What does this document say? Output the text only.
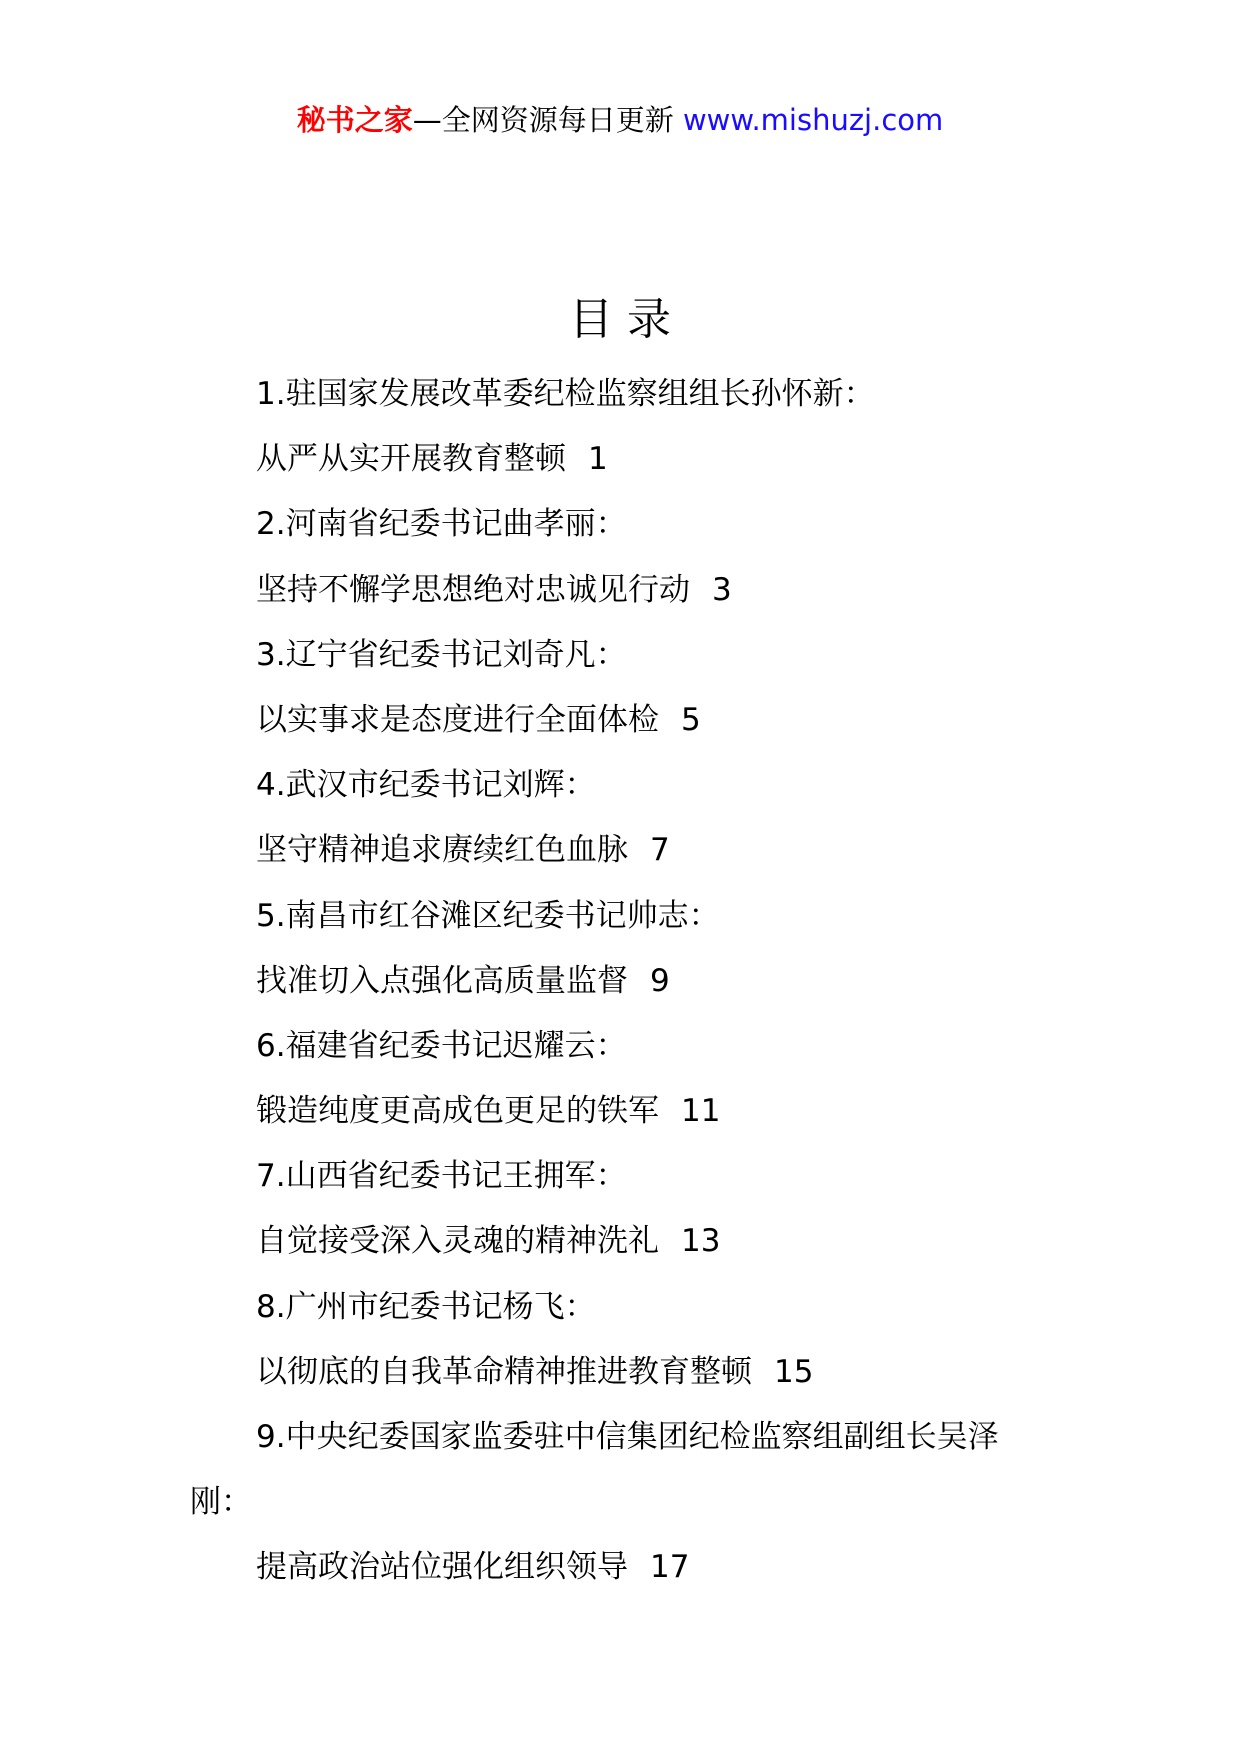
秘书之家—全网资源每日更新 www.mishuzj.com
目 录
1.驻国家发展改革委纪检监察组组长孙怀新：
从严从实开展教育整顿 1
2.河南省纪委书记曲孝丽：
坚持不懈学思想绝对忠诚见行动 3
3.辽宁省纪委书记刘奇凡：
以实事求是态度进行全面体检 5
4.武汉市纪委书记刘辉：
坚守精神追求赓续红色血脉 7
5.南昌市红谷滩区纪委书记帅志：
找准切入点强化高质量监督 9
6.福建省纪委书记迟耀云：
锻造纯度更高成色更足的铁军 11
7.山西省纪委书记王拥军：
自觉接受深入灵魂的精神洗礼 13
8.广州市纪委书记杨飞：
以彻底的自我革命精神推进教育整顿 15
9.中央纪委国家监委驻中信集团纪检监察组副组长吴泽
刚：
提高政治站位强化组织领导 17
